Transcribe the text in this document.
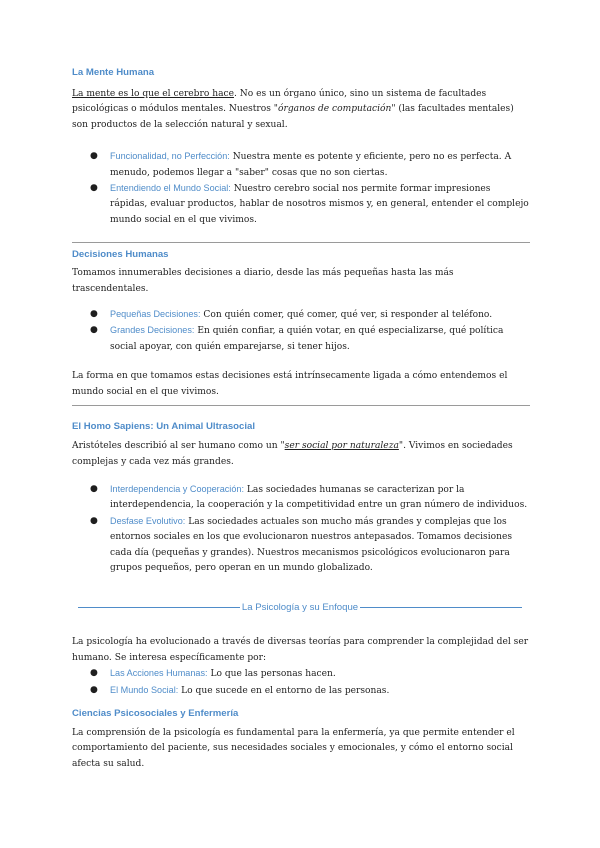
La Mente Humana

La mente es lo que el cerebro hace. No es un órgano único, sino un sistema de facultades psicológicas o módulos mentales. Nuestros "órganos de computación" (las facultades mentales) son productos de la selección natural y sexual.

● Funcionalidad, no Perfección: Nuestra mente es potente y eficiente, pero no es perfecta. A menudo, podemos llegar a "saber" cosas que no son ciertas.
● Entendiendo el Mundo Social: Nuestro cerebro social nos permite formar impresiones rápidas, evaluar productos, hablar de nosotros mismos y, en general, entender el complejo mundo social en el que vivimos.
Decisiones Humanas

Tomamos innumerables decisiones a diario, desde las más pequeñas hasta las más trascendentales.

● Pequeñas Decisiones: Con quién comer, qué comer, qué ver, si responder al teléfono.
● Grandes Decisiones: En quién confiar, a quién votar, en qué especializarse, qué política social apoyar, con quién emparejarse, si tener hijos.

La forma en que tomamos estas decisiones está intrínsecamente ligada a cómo entendemos el mundo social en el que vivimos.

El Homo Sapiens: Un Animal Ultrasocial

Aristóteles describió al ser humano como un "ser social por naturaleza". Vivimos en sociedades complejas y cada vez más grandes.

● Interdependencia y Cooperación: Las sociedades humanas se caracterizan por la interdependencia, la cooperación y la competitividad entre un gran número de individuos.
● Desfase Evolutivo: Las sociedades actuales son mucho más grandes y complejas que los entornos sociales en los que evolucionaron nuestros antepasados. Tomamos decisiones cada día (pequeñas y grandes). Nuestros mecanismos psicológicos evolucionaron para grupos pequeños, pero operan en un mundo globalizado.
La Psicología y su Enfoque

La psicología ha evolucionado a través de diversas teorías para comprender la complejidad del ser humano. Se interesa específicamente por:

● Las Acciones Humanas: Lo que las personas hacen.
● El Mundo Social: Lo que sucede en el entorno de las personas.
Ciencias Psicosociales y Enfermería

La comprensión de la psicología es fundamental para la enfermería, ya que permite entender el comportamiento del paciente, sus necesidades sociales y emocionales, y cómo el entorno social afecta su salud.
